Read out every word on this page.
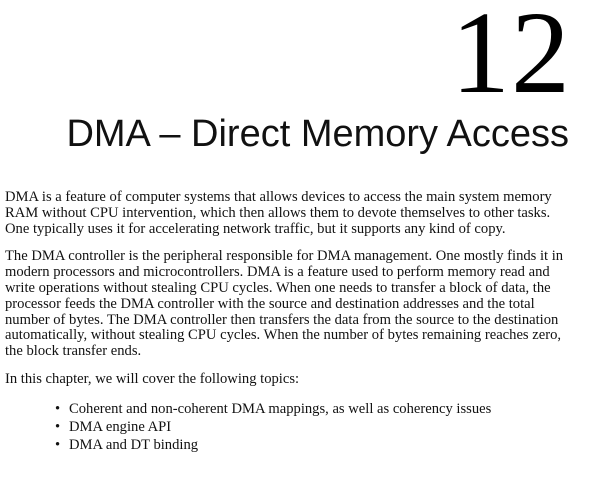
12
DMA – Direct Memory Access

DMA is a feature of computer systems that allows devices to access the main system memory RAM without CPU intervention, which then allows them to devote themselves to other tasks. One typically uses it for accelerating network traffic, but it supports any kind of copy.

The DMA controller is the peripheral responsible for DMA management. One mostly finds it in modern processors and microcontrollers. DMA is a feature used to perform memory read and write operations without stealing CPU cycles. When one needs to transfer a block of data, the processor feeds the DMA controller with the source and destination addresses and the total number of bytes. The DMA controller then transfers the data from the source to the destination automatically, without stealing CPU cycles. When the number of bytes remaining reaches zero, the block transfer ends.

In this chapter, we will cover the following topics:

• Coherent and non-coherent DMA mappings, as well as coherency issues
• DMA engine API
• DMA and DT binding
